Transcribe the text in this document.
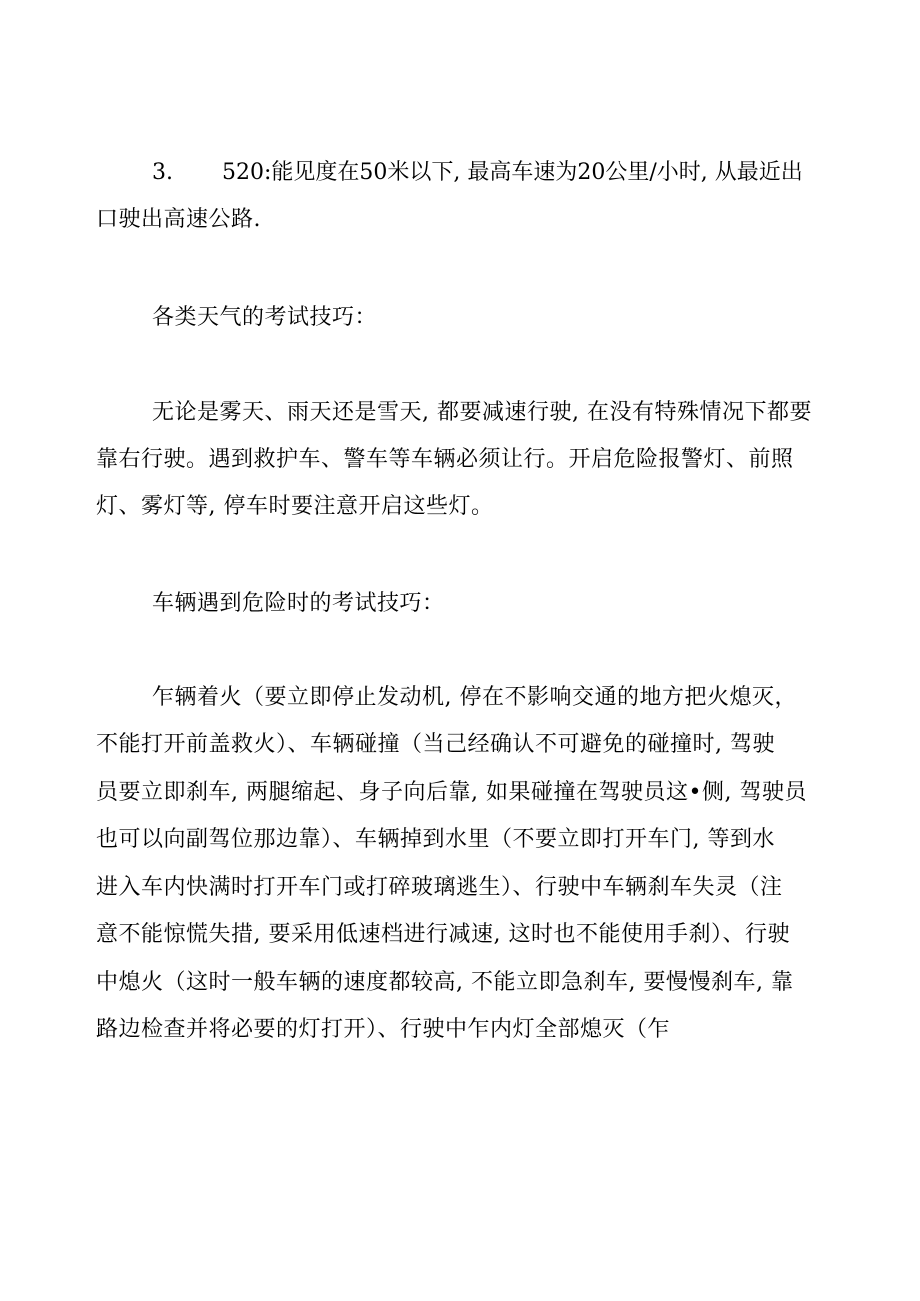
3. 520:能见度在50米以下, 最高车速为20公里/小时, 从最近出
口驶出高速公路.
各类天气的考试技巧：
无论是雾天、雨天还是雪天, 都要减速行驶, 在没有特殊情况下都要
靠右行驶。遇到救护车、警车等车辆必须让行。开启危险报警灯、前照
灯、雾灯等, 停车时要注意开启这些灯。
车辆遇到危险时的考试技巧：
乍辆着火（要立即停止发动机, 停在不影响交通的地方把火熄灭，
不能打开前盖救火）、车辆碰撞（当己经确认不可避免的碰撞时, 驾驶
员要立即刹车, 两腿缩起、身子向后靠, 如果碰撞在驾驶员这•侧, 驾驶员
也可以向副驾位那边靠）、车辆掉到水里（不要立即打开车门, 等到水
进入车内快满时打开车门或打碎玻璃逃生）、行驶中车辆刹车失灵（注
意不能惊慌失措, 要采用低速档进行减速, 这时也不能使用手刹）、行驶
中熄火（这时一般车辆的速度都较高, 不能立即急刹车, 要慢慢刹车, 靠
路边检查并将必要的灯打开）、行驶中乍内灯全部熄灭（乍
